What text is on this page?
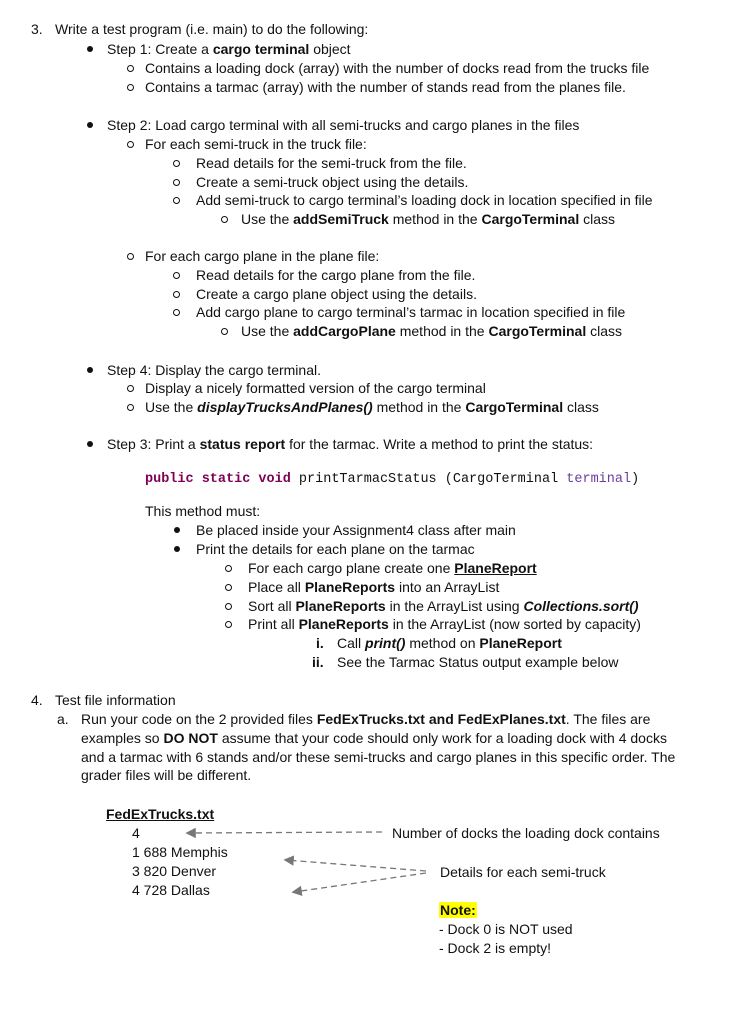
3. Write a test program (i.e. main) to do the following:
Step 1: Create a cargo terminal object
Contains a loading dock (array) with the number of docks read from the trucks file
Contains a tarmac (array) with the number of stands read from the planes file.
Step 2: Load cargo terminal with all semi-trucks and cargo planes in the files
For each semi-truck in the truck file:
Read details for the semi-truck from the file.
Create a semi-truck object using the details.
Add semi-truck to cargo terminal’s loading dock in location specified in file
Use the addSemiTruck method in the CargoTerminal class
For each cargo plane in the plane file:
Read details for the cargo plane from the file.
Create a cargo plane object using the details.
Add cargo plane to cargo terminal’s tarmac in location specified in file
Use the addCargoPlane method in the CargoTerminal class
Step 4: Display the cargo terminal.
Display a nicely formatted version of the cargo terminal
Use the displayTrucksAndPlanes() method in the CargoTerminal class
Step 3: Print a status report for the tarmac. Write a method to print the status:
public static void printTarmacStatus (CargoTerminal terminal)
This method must:
Be placed inside your Assignment4 class after main
Print the details for each plane on the tarmac
For each cargo plane create one PlaneReport
Place all PlaneReports into an ArrayList
Sort all PlaneReports in the ArrayList using Collections.sort()
Print all PlaneReports in the ArrayList (now sorted by capacity)
i. Call print() method on PlaneReport
ii. See the Tarmac Status output example below
4. Test file information
a. Run your code on the 2 provided files FedExTrucks.txt and FedExPlanes.txt. The files are
examples so DO NOT assume that your code should only work for a loading dock with 4 docks
and a tarmac with 6 stands and/or these semi-trucks and cargo planes in this specific order. The
grader files will be different.
FedExTrucks.txt
4
1 688 Memphis
3 820 Denver
4 728 Dallas
Number of docks the loading dock contains
Details for each semi-truck
Note:
- Dock 0 is NOT used
- Dock 2 is empty!
